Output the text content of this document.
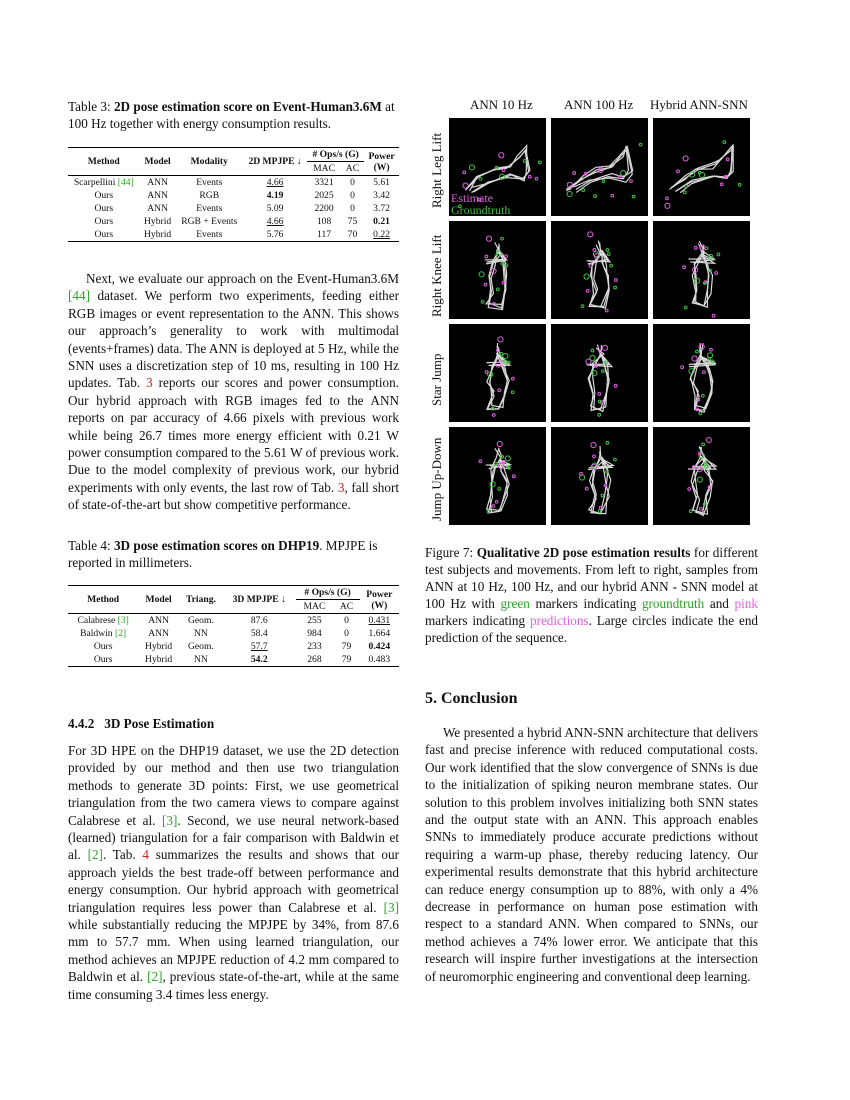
Table 3: 2D pose estimation score on Event-Human3.6M at 100 Hz together with energy consumption results.
Method	Model	Modality	2D MPJPE ↓	# Ops/s (G)		Power
(W)
				MAC	AC	
Scarpellini [44]	ANN	Events	4.66	3321	0	5.61
Ours	ANN	RGB	4.19	2025	0	3.42
Ours	ANN	Events	5.09	2200	0	3.72
Ours	Hybrid	RGB + Events	4.66	108	75	0.21
Ours	Hybrid	Events	5.76	117	70	0.22

Next, we evaluate our approach on the Event-Human3.6M [44] dataset. We perform two experiments, feeding either RGB images or event representation to the ANN. This shows our approach’s generality to work with multimodal (events+frames) data. The ANN is deployed at 5 Hz, while the SNN uses a discretization step of 10 ms, resulting in 100 Hz updates. Tab. 3 reports our scores and power consumption. Our hybrid approach with RGB images fed to the ANN reports on par accuracy of 4.66 pixels with previous work while being 26.7 times more energy efficient with 0.21 W power consumption compared to the 5.61 W of previous work. Due to the model complexity of previous work, our hybrid experiments with only events, the last row of Tab. 3, fall short of state-of-the-art but show competitive performance.

Table 4: 3D pose estimation scores on DHP19. MPJPE is reported in millimeters.
Method	Model	Triang.	3D MPJPE ↓	# Ops/s (G)		Power
(W)
				MAC	AC	
Calabrese [3]	ANN	Geom.	87.6	255	0	0.431
Baldwin [2]	ANN	NN	58.4	984	0	1.664
Ours	Hybrid	Geom.	57.7	233	79	0.424
Ours	Hybrid	NN	54.2	268	79	0.483
4.4.2 3D Pose Estimation

For 3D HPE on the DHP19 dataset, we use the 2D detection provided by our method and then use two triangulation methods to generate 3D points: First, we use geometrical triangulation from the two camera views to compare against Calabrese et al. [3]. Second, we use neural network-based (learned) triangulation for a fair comparison with Baldwin et al. [2]. Tab. 4 summarizes the results and shows that our approach yields the best trade-off between performance and energy consumption. Our hybrid approach with geometrical triangulation requires less power than Calabrese et al. [3] while substantially reducing the MPJPE by 34%, from 87.6 mm to 57.7 mm. When using learned triangulation, our method achieves an MPJPE reduction of 4.2 mm compared to Baldwin et al. [2], previous state-of-the-art, while at the same time consuming 3.4 times less energy.

ANN 10 Hz ANN 100 Hz Hybrid ANN-SNN
Right Leg Lift
Right Knee Lift
Star Jump
Jump Up-Down
Estimate
Groundtruth
Figure 7: Qualitative 2D pose estimation results for different test subjects and movements. From left to right, samples from ANN at 10 Hz, 100 Hz, and our hybrid ANN - SNN model at 100 Hz with green markers indicating groundtruth and pink markers indicating predictions. Large circles indicate the end prediction of the sequence.
5. Conclusion

We presented a hybrid ANN-SNN architecture that delivers fast and precise inference with reduced computational costs. Our work identified that the slow convergence of SNNs is due to the initialization of spiking neuron membrane states. Our solution to this problem involves initializing both SNN states and the output state with an ANN. This approach enables SNNs to immediately produce accurate predictions without requiring a warm-up phase, thereby reducing latency. Our experimental results demonstrate that this hybrid architecture can reduce energy consumption up to 88%, with only a 4% decrease in performance on human pose estimation with respect to a standard ANN. When compared to SNNs, our method achieves a 74% lower error. We anticipate that this research will inspire further investigations at the intersection of neuromorphic engineering and conventional deep learning.
